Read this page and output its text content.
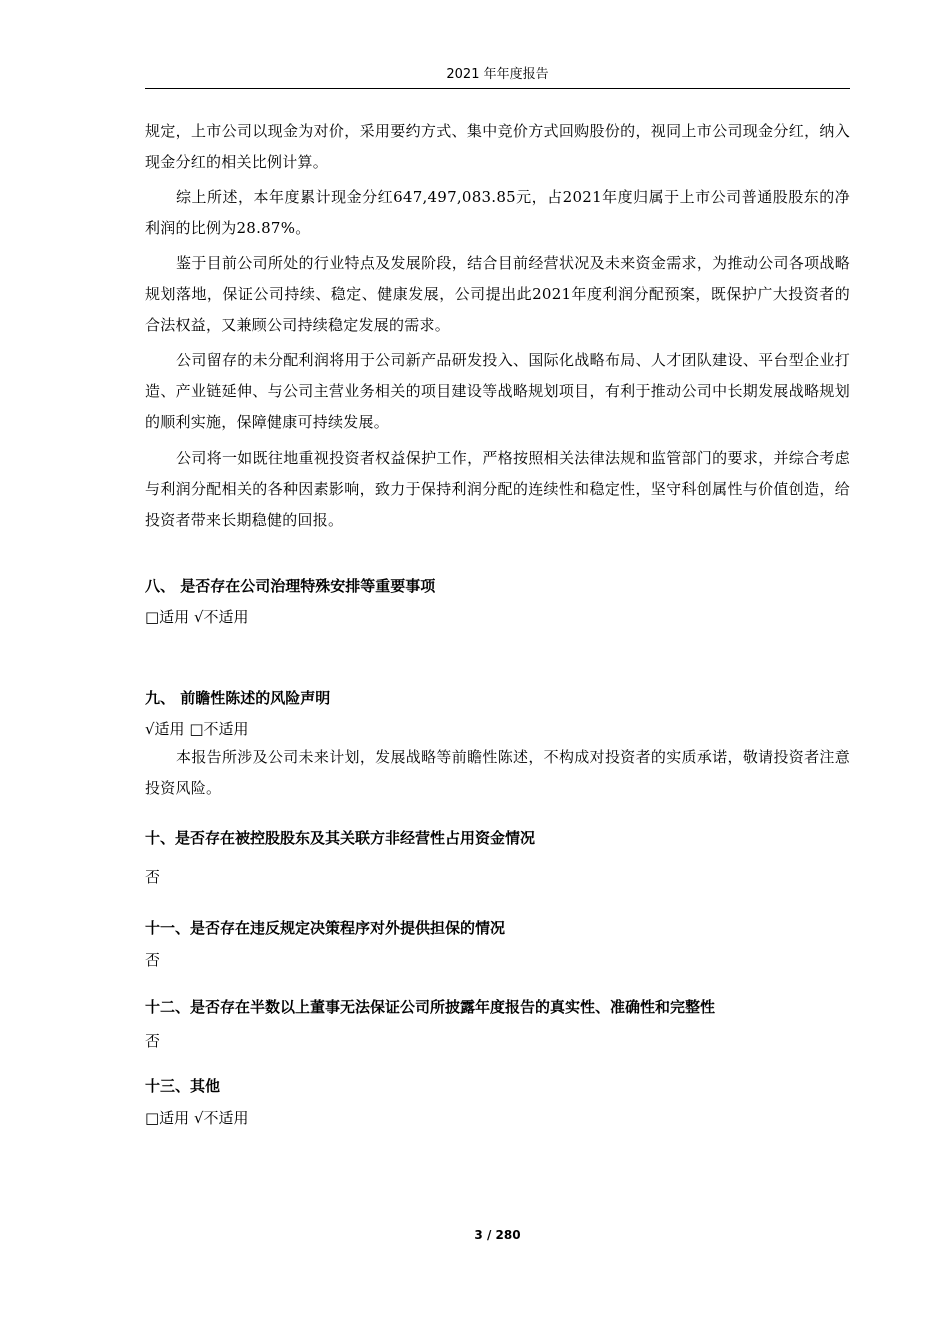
2021 年年度报告

规定，上市公司以现金为对价，采用要约方式、集中竞价方式回购股份的，视同上市公司现金分红，纳入现金分红的相关比例计算。

综上所述，本年度累计现金分红647,497,083.85元，占2021年度归属于上市公司普通股股东的净利润的比例为28.87%。

鉴于目前公司所处的行业特点及发展阶段，结合目前经营状况及未来资金需求，为推动公司各项战略规划落地，保证公司持续、稳定、健康发展，公司提出此2021年度利润分配预案，既保护广大投资者的合法权益，又兼顾公司持续稳定发展的需求。

公司留存的未分配利润将用于公司新产品研发投入、国际化战略布局、人才团队建设、平台型企业打造、产业链延伸、与公司主营业务相关的项目建设等战略规划项目，有利于推动公司中长期发展战略规划的顺利实施，保障健康可持续发展。

公司将一如既往地重视投资者权益保护工作，严格按照相关法律法规和监管部门的要求，并综合考虑与利润分配相关的各种因素影响，致力于保持利润分配的连续性和稳定性，坚守科创属性与价值创造，给投资者带来长期稳健的回报。

八、 是否存在公司治理特殊安排等重要事项
□适用 √不适用
九、 前瞻性陈述的风险声明
√适用 □不适用

本报告所涉及公司未来计划，发展战略等前瞻性陈述，不构成对投资者的实质承诺，敬请投资者注意投资风险。

十、是否存在被控股股东及其关联方非经营性占用资金情况
否
十一、是否存在违反规定决策程序对外提供担保的情况
否
十二、是否存在半数以上董事无法保证公司所披露年度报告的真实性、准确性和完整性
否
十三、其他
□适用 √不适用
3 / 280
